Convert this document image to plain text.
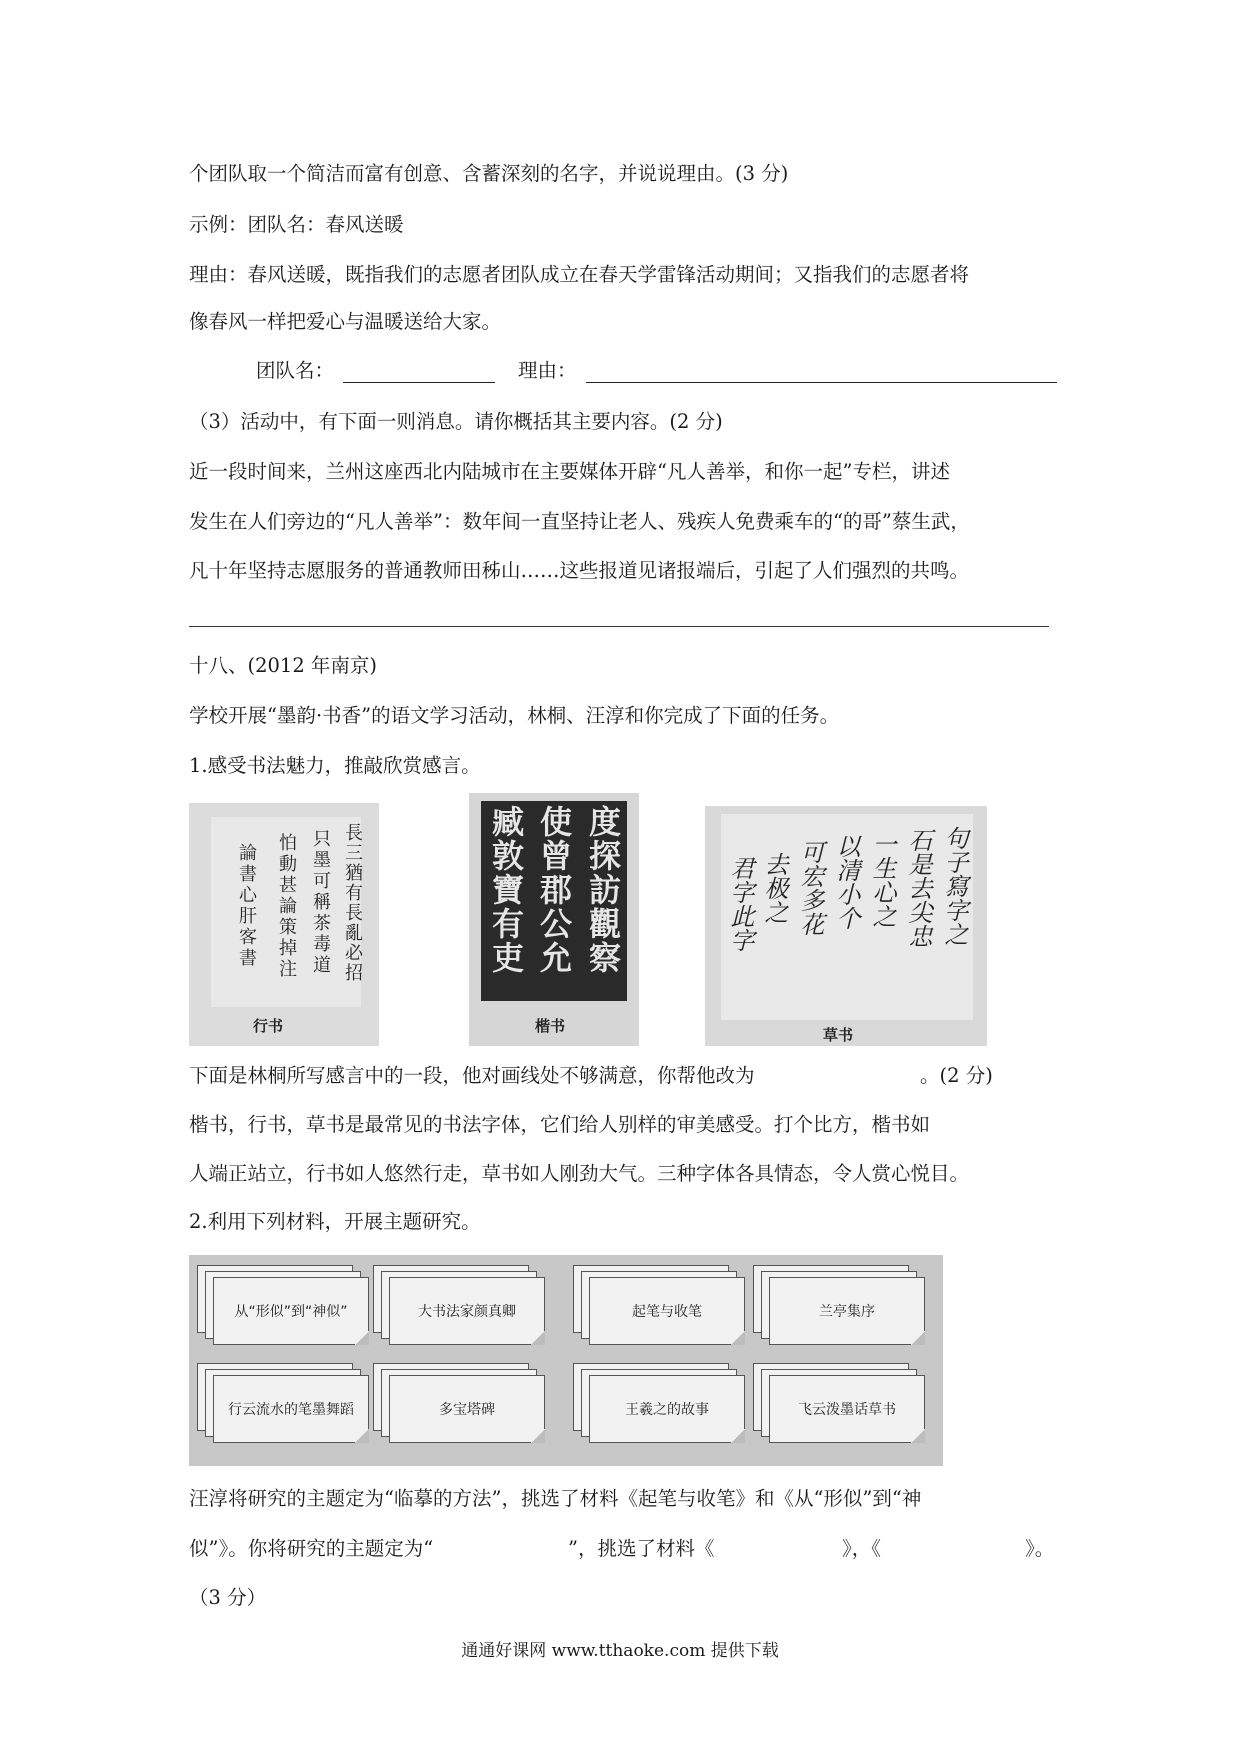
个团队取一个简洁而富有创意、含蓄深刻的名字，并说说理由。(3 分)
示例：团队名：春风送暖
理由：春风送暖，既指我们的志愿者团队成立在春天学雷锋活动期间；又指我们的志愿者将
像春风一样把爱心与温暖送给大家。
团队名：	理由：
（3）活动中，有下面一则消息。请你概括其主要内容。(2 分)
近一段时间来，兰州这座西北内陆城市在主要媒体开辟“凡人善举，和你一起”专栏，讲述
发生在人们旁边的“凡人善举”：数年间一直坚持让老人、残疾人免费乘车的“的哥”蔡生武，
凡十年坚持志愿服务的普通教师田秭山……这些报道见诸报端后，引起了人们强烈的共鸣。
十八、(2012 年南京)
学校开展“墨韵·书香”的语文学习活动，林桐、汪淳和你完成了下面的任务。
1.感受书法魅力，推敲欣赏感言。
長三猶有長亂必招
只墨可稱茶毒道
怕動甚論策掉注
論書心肝客書
行书
度探訪觀察
使曾郡公允
臧敦寶有吏
楷书
句子寫字之
石是去尖忠
一生心之
以清小个
可宏多花
去极之
君字此字
草书
下面是林桐所写感言中的一段，他对画线处不够满意，你帮他改为	。(2 分)
楷书，行书，草书是最常见的书法字体，它们给人别样的审美感受。打个比方，楷书如
人端正站立，行书如人悠然行走，草书如人刚劲大气。三种字体各具情态，令人赏心悦目。
2.利用下列材料，开展主题研究。
从“形似”到“神似”	大书法家颜真卿	起笔与收笔	兰亭集序
行云流水的笔墨舞蹈	多宝塔碑	王羲之的故事	飞云泼墨话草书
汪淳将研究的主题定为“临摹的方法”，挑选了材料《起笔与收笔》和《从“形似”到“神
似”》。你将研究的主题定为“	”，挑选了材料《	》，《	》。
（3 分）
通通好课网 www.tthaoke.com 提供下载
